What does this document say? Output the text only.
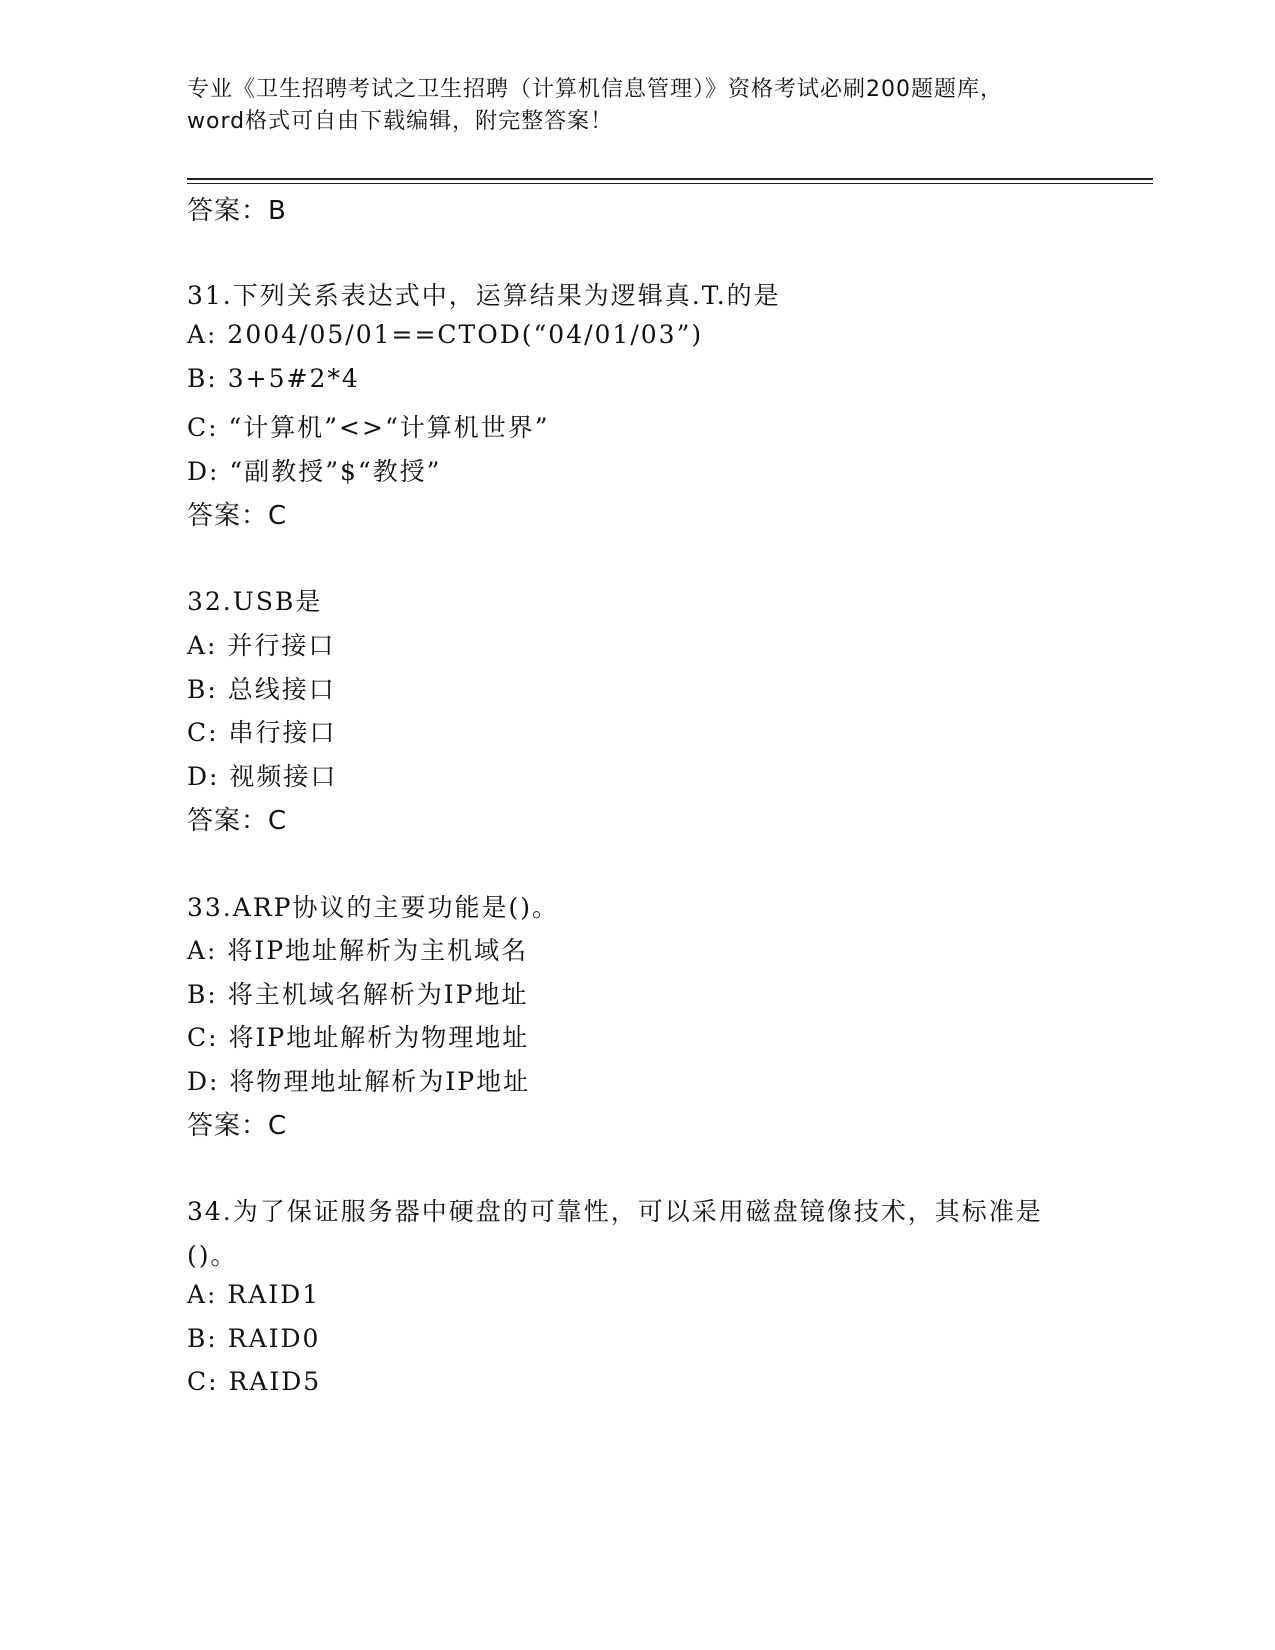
专业《卫生招聘考试之卫生招聘（计算机信息管理）》资格考试必刷200题题库，
word格式可自由下载编辑，附完整答案！
答案：B
31.下列关系表达式中，运算结果为逻辑真.T.的是
A: 2004/05/01==CTOD(“04/01/03”)
B: 3+5#2*4
C: “计算机”<>“计算机世界”
D: “副教授”$“教授”
答案：C
32.USB是
A: 并行接口
B: 总线接口
C: 串行接口
D: 视频接口
答案：C
33.ARP协议的主要功能是()。
A: 将IP地址解析为主机域名
B: 将主机域名解析为IP地址
C: 将IP地址解析为物理地址
D: 将物理地址解析为IP地址
答案：C
34.为了保证服务器中硬盘的可靠性，可以采用磁盘镜像技术，其标准是()。
A: RAID1
B: RAID0
C: RAID5
